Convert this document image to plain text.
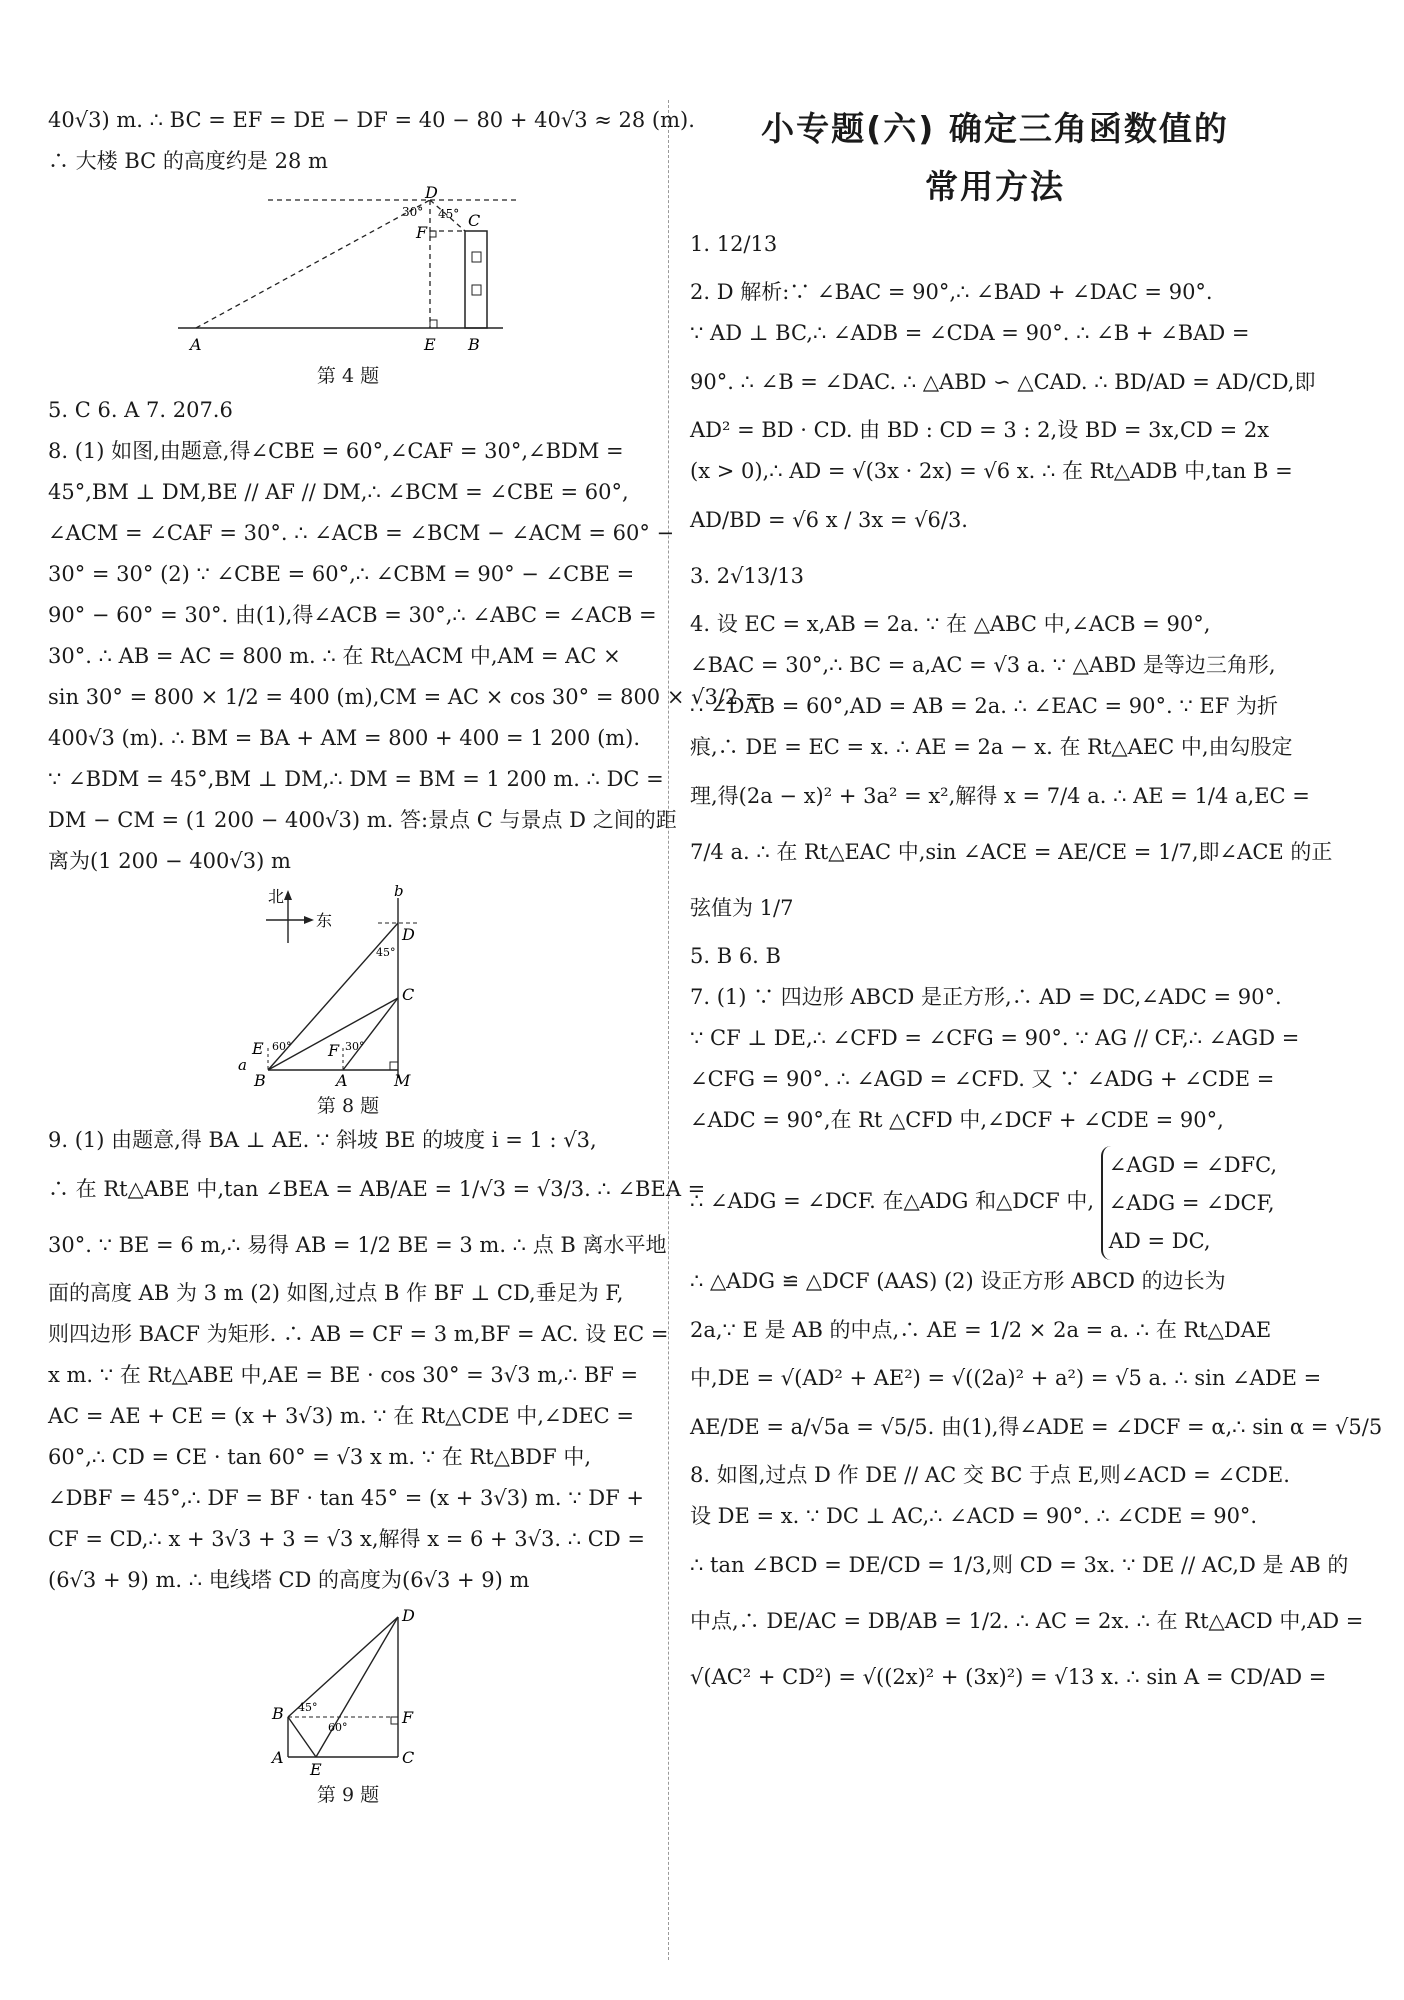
40√3) m. ∴ BC = EF = DE − DF = 40 − 80 + 40√3 ≈ 28 (m).
∴ 大楼 BC 的高度约是 28 m
D
30° 45°
F
C
A	E B
第 4 题
5. C 6. A 7. 207.6
8. (1) 如图,由题意,得∠CBE = 60°,∠CAF = 30°,∠BDM =
45°,BM ⊥ DM,BE // AF // DM,∴ ∠BCM = ∠CBE = 60°,
∠ACM = ∠CAF = 30°. ∴ ∠ACB = ∠BCM − ∠ACM = 60° −
30° = 30° (2) ∵ ∠CBE = 60°,∴ ∠CBM = 90° − ∠CBE =
90° − 60° = 30°. 由(1),得∠ACB = 30°,∴ ∠ABC = ∠ACB =
30°. ∴ AB = AC = 800 m. ∴ 在 Rt△ACM 中,AM = AC ×
sin 30° = 800 × 1/2 = 400 (m),CM = AC × cos 30° = 800 × √3/2 =
400√3 (m). ∴ BM = BA + AM = 800 + 400 = 1 200 (m).
∵ ∠BDM = 45°,BM ⊥ DM,∴ DM = BM = 1 200 m. ∴ DC =
DM − CM = (1 200 − 400√3) m. 答:景点 C 与景点 D 之间的距
离为(1 200 − 400√3) m
北
东
b
D
45°
C
E 60° F 30°
a
B	A	M
第 8 题
9. (1) 由题意,得 BA ⊥ AE. ∵ 斜坡 BE 的坡度 i = 1 : √3,
∴ 在 Rt△ABE 中,tan ∠BEA = AB/AE = 1/√3 = √3/3. ∴ ∠BEA =
30°. ∵ BE = 6 m,∴ 易得 AB = 1/2 BE = 3 m. ∴ 点 B 离水平地
面的高度 AB 为 3 m (2) 如图,过点 B 作 BF ⊥ CD,垂足为 F,
则四边形 BACF 为矩形. ∴ AB = CF = 3 m,BF = AC. 设 EC =
x m. ∵ 在 Rt△ABE 中,AE = BE · cos 30° = 3√3 m,∴ BF =
AC = AE + CE = (x + 3√3) m. ∵ 在 Rt△CDE 中,∠DEC =
60°,∴ CD = CE · tan 60° = √3 x m. ∵ 在 Rt△BDF 中,
∠DBF = 45°,∴ DF = BF · tan 45° = (x + 3√3) m. ∵ DF +
CF = CD,∴ x + 3√3 + 3 = √3 x,解得 x = 6 + 3√3. ∴ CD =
(6√3 + 9) m. ∴ 电线塔 CD 的高度为(6√3 + 9) m
D
B 45°
60°
F
A
E
C
第 9 题
小专题(六) 确定三角函数值的
常用方法
1. 12/13
2. D 解析:∵ ∠BAC = 90°,∴ ∠BAD + ∠DAC = 90°.
∵ AD ⊥ BC,∴ ∠ADB = ∠CDA = 90°. ∴ ∠B + ∠BAD =
90°. ∴ ∠B = ∠DAC. ∴ △ABD ∽ △CAD. ∴ BD/AD = AD/CD,即
AD² = BD · CD. 由 BD : CD = 3 : 2,设 BD = 3x,CD = 2x
(x > 0),∴ AD = √(3x · 2x) = √6 x. ∴ 在 Rt△ADB 中,tan B =
AD/BD = √6 x / 3x = √6/3.
3. 2√13/13
4. 设 EC = x,AB = 2a. ∵ 在 △ABC 中,∠ACB = 90°,
∠BAC = 30°,∴ BC = a,AC = √3 a. ∵ △ABD 是等边三角形,
∴ ∠DAB = 60°,AD = AB = 2a. ∴ ∠EAC = 90°. ∵ EF 为折
痕,∴ DE = EC = x. ∴ AE = 2a − x. 在 Rt△AEC 中,由勾股定
理,得(2a − x)² + 3a² = x²,解得 x = 7/4 a. ∴ AE = 1/4 a,EC =
7/4 a. ∴ 在 Rt△EAC 中,sin ∠ACE = AE/CE = 1/7,即∠ACE 的正
弦值为 1/7
5. B 6. B
7. (1) ∵ 四边形 ABCD 是正方形,∴ AD = DC,∠ADC = 90°.
∵ CF ⊥ DE,∴ ∠CFD = ∠CFG = 90°. ∵ AG // CF,∴ ∠AGD =
∠CFG = 90°. ∴ ∠AGD = ∠CFD. 又 ∵ ∠ADG + ∠CDE =
∠ADC = 90°,在 Rt △CFD 中,∠DCF + ∠CDE = 90°,
∴ ∠ADG = ∠DCF. 在△ADG 和△DCF 中,
∠AGD = ∠DFC,
∠ADG = ∠DCF,
AD = DC,
∴ △ADG ≌ △DCF (AAS) (2) 设正方形 ABCD 的边长为
2a,∵ E 是 AB 的中点,∴ AE = 1/2 × 2a = a. ∴ 在 Rt△DAE
中,DE = √(AD² + AE²) = √((2a)² + a²) = √5 a. ∴ sin ∠ADE =
AE/DE = a/√5a = √5/5. 由(1),得∠ADE = ∠DCF = α,∴ sin α = √5/5
8. 如图,过点 D 作 DE // AC 交 BC 于点 E,则∠ACD = ∠CDE.
设 DE = x. ∵ DC ⊥ AC,∴ ∠ACD = 90°. ∴ ∠CDE = 90°.
∴ tan ∠BCD = DE/CD = 1/3,则 CD = 3x. ∵ DE // AC,D 是 AB 的
中点,∴ DE/AC = DB/AB = 1/2. ∴ AC = 2x. ∴ 在 Rt△ACD 中,AD =
√(AC² + CD²) = √((2x)² + (3x)²) = √13 x. ∴ sin A = CD/AD =
